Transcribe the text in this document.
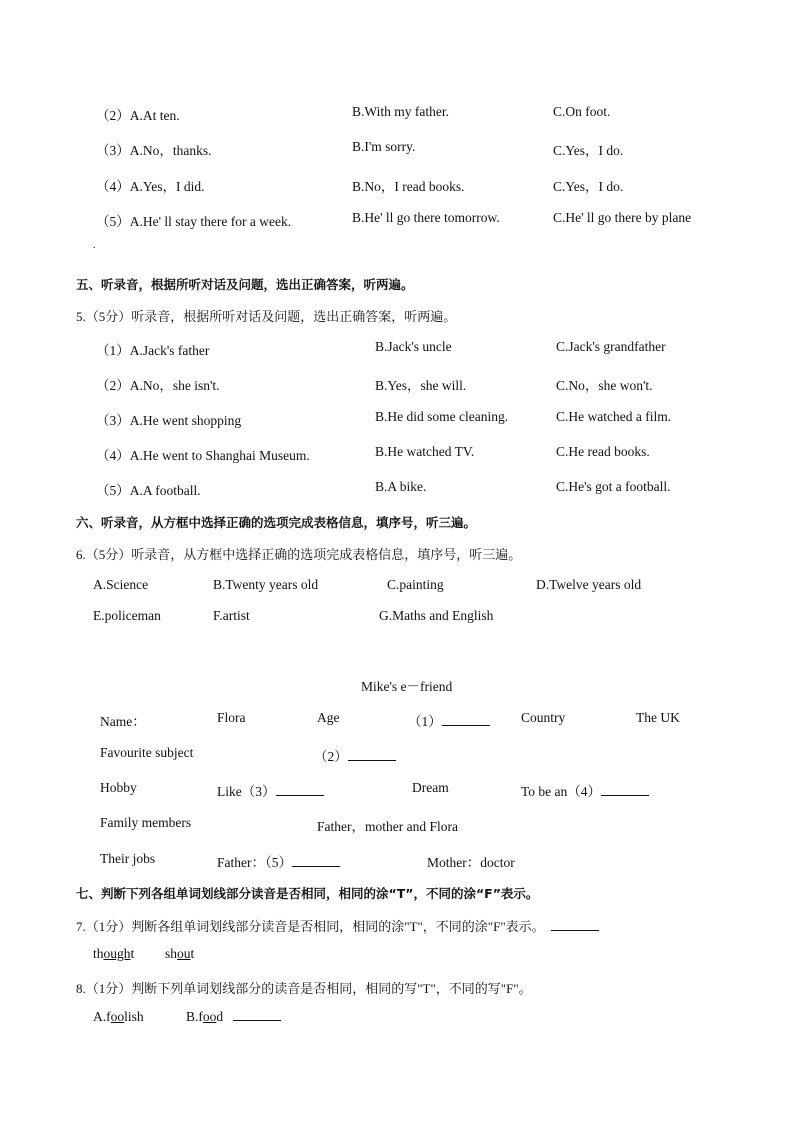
（2）A.At ten.	B.With my father.	C.On foot.
（3）A.No，thanks.	B.I'm sorry.	C.Yes，I do.
（4）A.Yes，I did.	B.No，I read books.	C.Yes，I do.
（5）A.He' ll stay there for a week.	B.He' ll go there tomorrow.	C.He' ll go there by plane
.
五、听录音，根据所听对话及问题，选出正确答案，听两遍。
5.（5分）听录音，根据所听对话及问题，选出正确答案，听两遍。
（1）A.Jack's father	B.Jack's uncle	C.Jack's grandfather
（2）A.No，she isn't.	B.Yes，she will.	C.No，she won't.
（3）A.He went shopping	B.He did some cleaning.	C.He watched a film.
（4）A.He went to Shanghai Museum.	B.He watched TV.	C.He read books.
（5）A.A football.	B.A bike.	C.He's got a football.
六、听录音，从方框中选择正确的选项完成表格信息，填序号，听三遍。
6.（5分）听录音，从方框中选择正确的选项完成表格信息，填序号，听三遍。
A.Science	B.Twenty years old	C.painting	D.Twelve years old
E.policeman	F.artist	G.Maths and English
Mike's e－friend
Name：	Flora	Age	（1）	Country	The UK
Favourite subject	（2）
Hobby	Like（3）	Dream	To be an（4）
Family members	Father，mother and Flora
Their jobs	Father：（5）	Mother：doctor
七、判断下列各组单词划线部分读音是否相同，相同的涂“T”，不同的涂“F”表示。
7.（1分）判断各组单词划线部分读音是否相同，相同的涂"T"，不同的涂"F"表示。
thought shout
8.（1分）判断下列单词划线部分的读音是否相同，相同的写"T"，不同的写"F"。
A.foolish	B.food
